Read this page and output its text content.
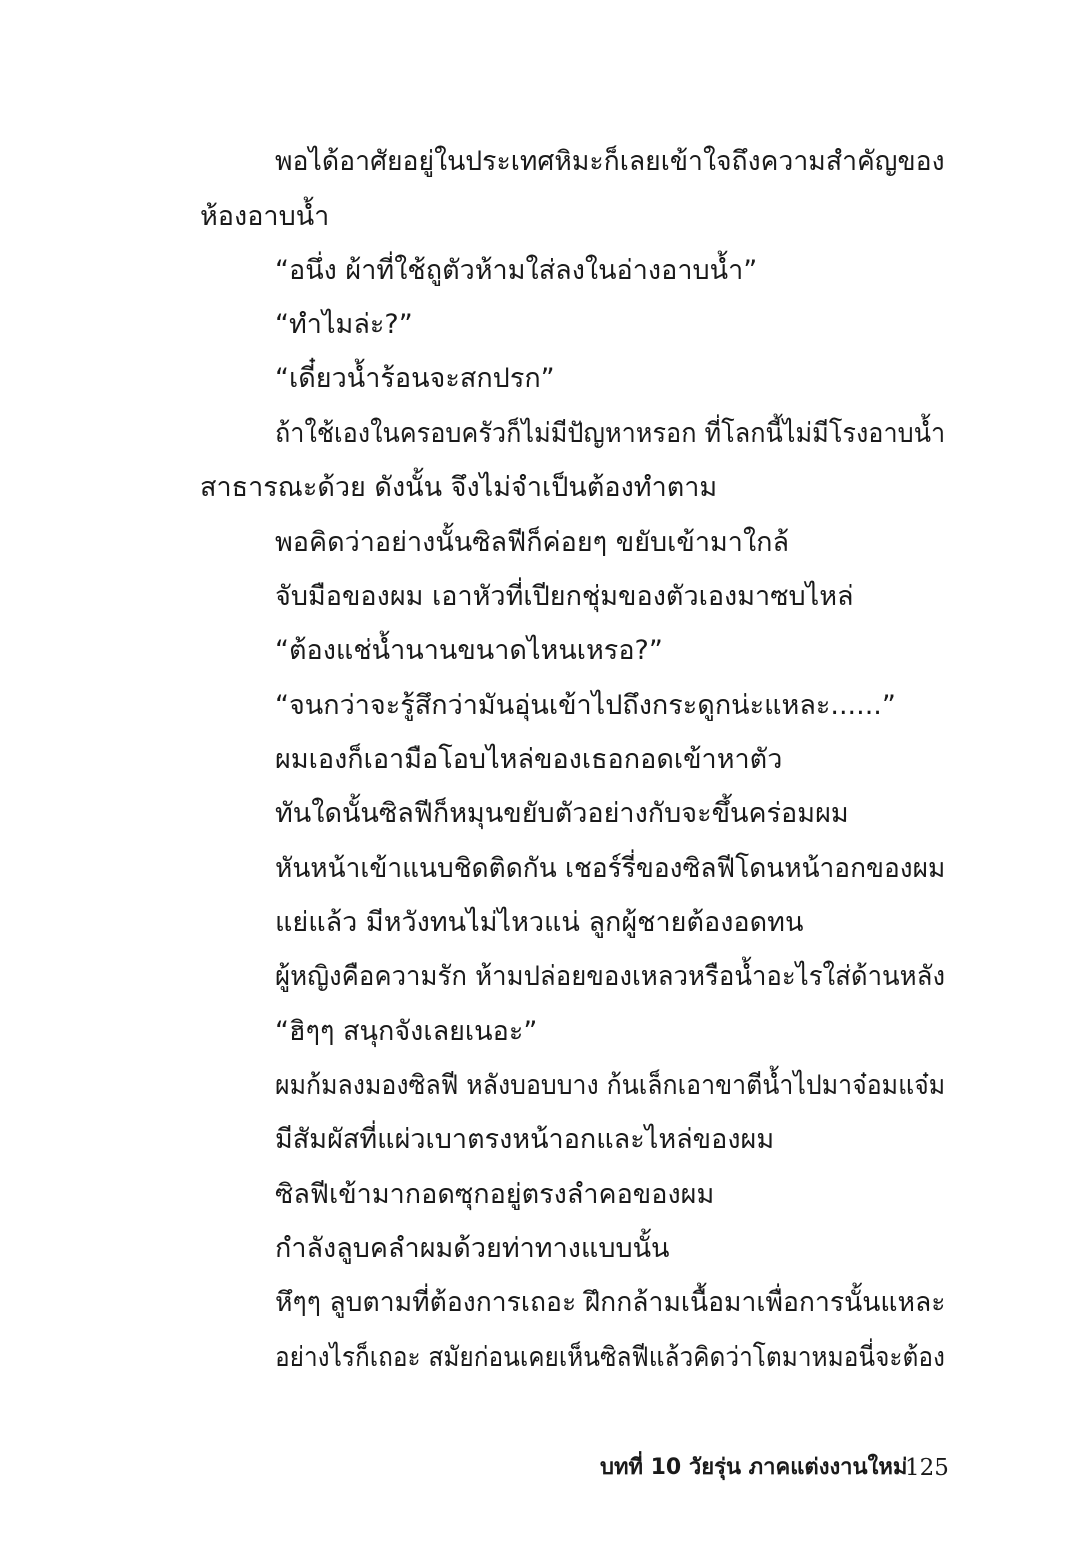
พอได้อาศัยอยู่ในประเทศหิมะก็เลยเข้าใจถึงความสำคัญของ
ห้องอาบน้ำ
“อนึ่ง ผ้าที่ใช้ถูตัวห้ามใส่ลงในอ่างอาบน้ำ”
“ทำไมล่ะ?”
“เดี๋ยวน้ำร้อนจะสกปรก”
ถ้าใช้เองในครอบครัวก็ไม่มีปัญหาหรอก ที่โลกนี้ไม่มีโรงอาบน้ำ
สาธารณะด้วย ดังนั้น จึงไม่จำเป็นต้องทำตาม
พอคิดว่าอย่างนั้นซิลฟีก็ค่อยๆ ขยับเข้ามาใกล้
จับมือของผม เอาหัวที่เปียกชุ่มของตัวเองมาซบไหล่
“ต้องแช่น้ำนานขนาดไหนเหรอ?”
“จนกว่าจะรู้สึกว่ามันอุ่นเข้าไปถึงกระดูกน่ะแหละ......”
ผมเองก็เอามือโอบไหล่ของเธอกอดเข้าหาตัว
ทันใดนั้นซิลฟีก็หมุนขยับตัวอย่างกับจะขึ้นคร่อมผม
หันหน้าเข้าแนบชิดติดกัน เชอร์รี่ของซิลฟีโดนหน้าอกของผม
แย่แล้ว มีหวังทนไม่ไหวแน่ ลูกผู้ชายต้องอดทน
ผู้หญิงคือความรัก ห้ามปล่อยของเหลวหรือน้ำอะไรใส่ด้านหลัง
“ฮิๆๆ สนุกจังเลยเนอะ”
ผมก้มลงมองซิลฟี หลังบอบบาง ก้นเล็กเอาขาตีน้ำไปมาจ๋อมแจ๋ม
มีสัมผัสที่แผ่วเบาตรงหน้าอกและไหล่ของผม
ซิลฟีเข้ามากอดซุกอยู่ตรงลำคอของผม
กำลังลูบคลำผมด้วยท่าทางแบบนั้น
หึๆๆ ลูบตามที่ต้องการเถอะ ฝึกกล้ามเนื้อมาเพื่อการนั้นแหละ
อย่างไรก็เถอะ สมัยก่อนเคยเห็นซิลฟีแล้วคิดว่าโตมาหมอนี่จะต้อง
บทที่ 10 วัยรุ่น ภาคแต่งงานใหม่
125
